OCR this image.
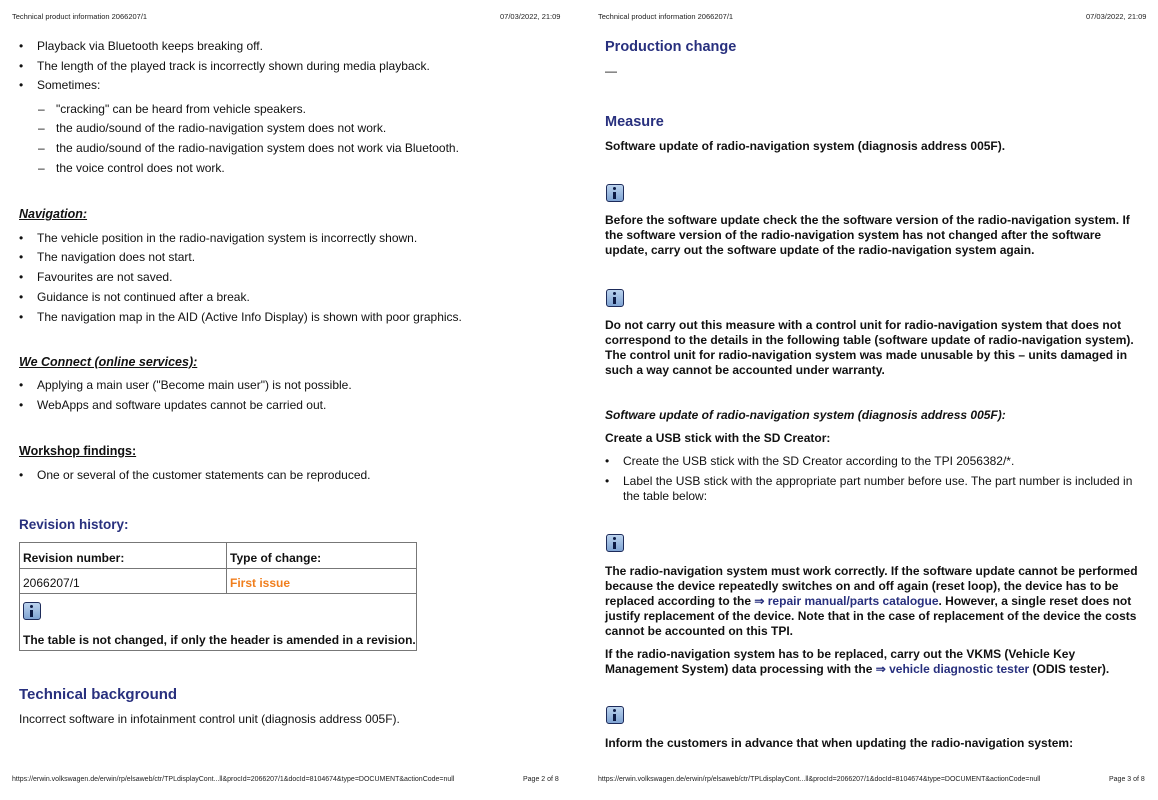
Technical product information 2066207/1	07/03/2022, 21:09
• Playback via Bluetooth keeps breaking off.
• The length of the played track is incorrectly shown during media playback.
• Sometimes:
– "cracking" can be heard from vehicle speakers.
– the audio/sound of the radio-navigation system does not work.
– the audio/sound of the radio-navigation system does not work via Bluetooth.
– the voice control does not work.
Navigation:
• The vehicle position in the radio-navigation system is incorrectly shown.
• The navigation does not start.
• Favourites are not saved.
• Guidance is not continued after a break.
• The navigation map in the AID (Active Info Display) is shown with poor graphics.
We Connect (online services):
• Applying a main user ("Become main user") is not possible.
• WebApps and software updates cannot be carried out.
Workshop findings:
• One or several of the customer statements can be reproduced.
Revision history:
Revision number:	Type of change:
2066207/1	First issue

The table is not changed, if only the header is amended in a revision.	
Technical background
Incorrect software in infotainment control unit (diagnosis address 005F).
https://erwin.volkswagen.de/erwin/rp/elsaweb/ctr/TPLdisplayCont...ll&procId=2066207/1&docId=8104674&type=DOCUMENT&actionCode=null	Page 2 of 8
Technical product information 2066207/1	07/03/2022, 21:09
Production change
—
Measure
Software update of radio-navigation system (diagnosis address 005F).
Before the software update check the the software version of the radio-navigation system. If the software version of the radio-navigation system has not changed after the software update, carry out the software update of the radio-navigation system again.
Do not carry out this measure with a control unit for radio-navigation system that does not correspond to the details in the following table (software update of radio-navigation system). The control unit for radio-navigation system was made unusable by this – units damaged in such a way cannot be accounted under warranty.
Software update of radio-navigation system (diagnosis address 005F):
Create a USB stick with the SD Creator:
• Create the USB stick with the SD Creator according to the TPI 2056382/*.
• Label the USB stick with the appropriate part number before use. The part number is included in the table below:
The radio-navigation system must work correctly. If the software update cannot be performed because the device repeatedly switches on and off again (reset loop), the device has to be replaced according to the ⇒ repair manual/parts catalogue. However, a single reset does not justify replacement of the device. Note that in the case of replacement of the device the costs cannot be accounted on this TPI.
If the radio-navigation system has to be replaced, carry out the VKMS (Vehicle Key Management System) data processing with the ⇒ vehicle diagnostic tester (ODIS tester).
Inform the customers in advance that when updating the radio-navigation system:
https://erwin.volkswagen.de/erwin/rp/elsaweb/ctr/TPLdisplayCont...ll&procId=2066207/1&docId=8104674&type=DOCUMENT&actionCode=null	Page 3 of 8
